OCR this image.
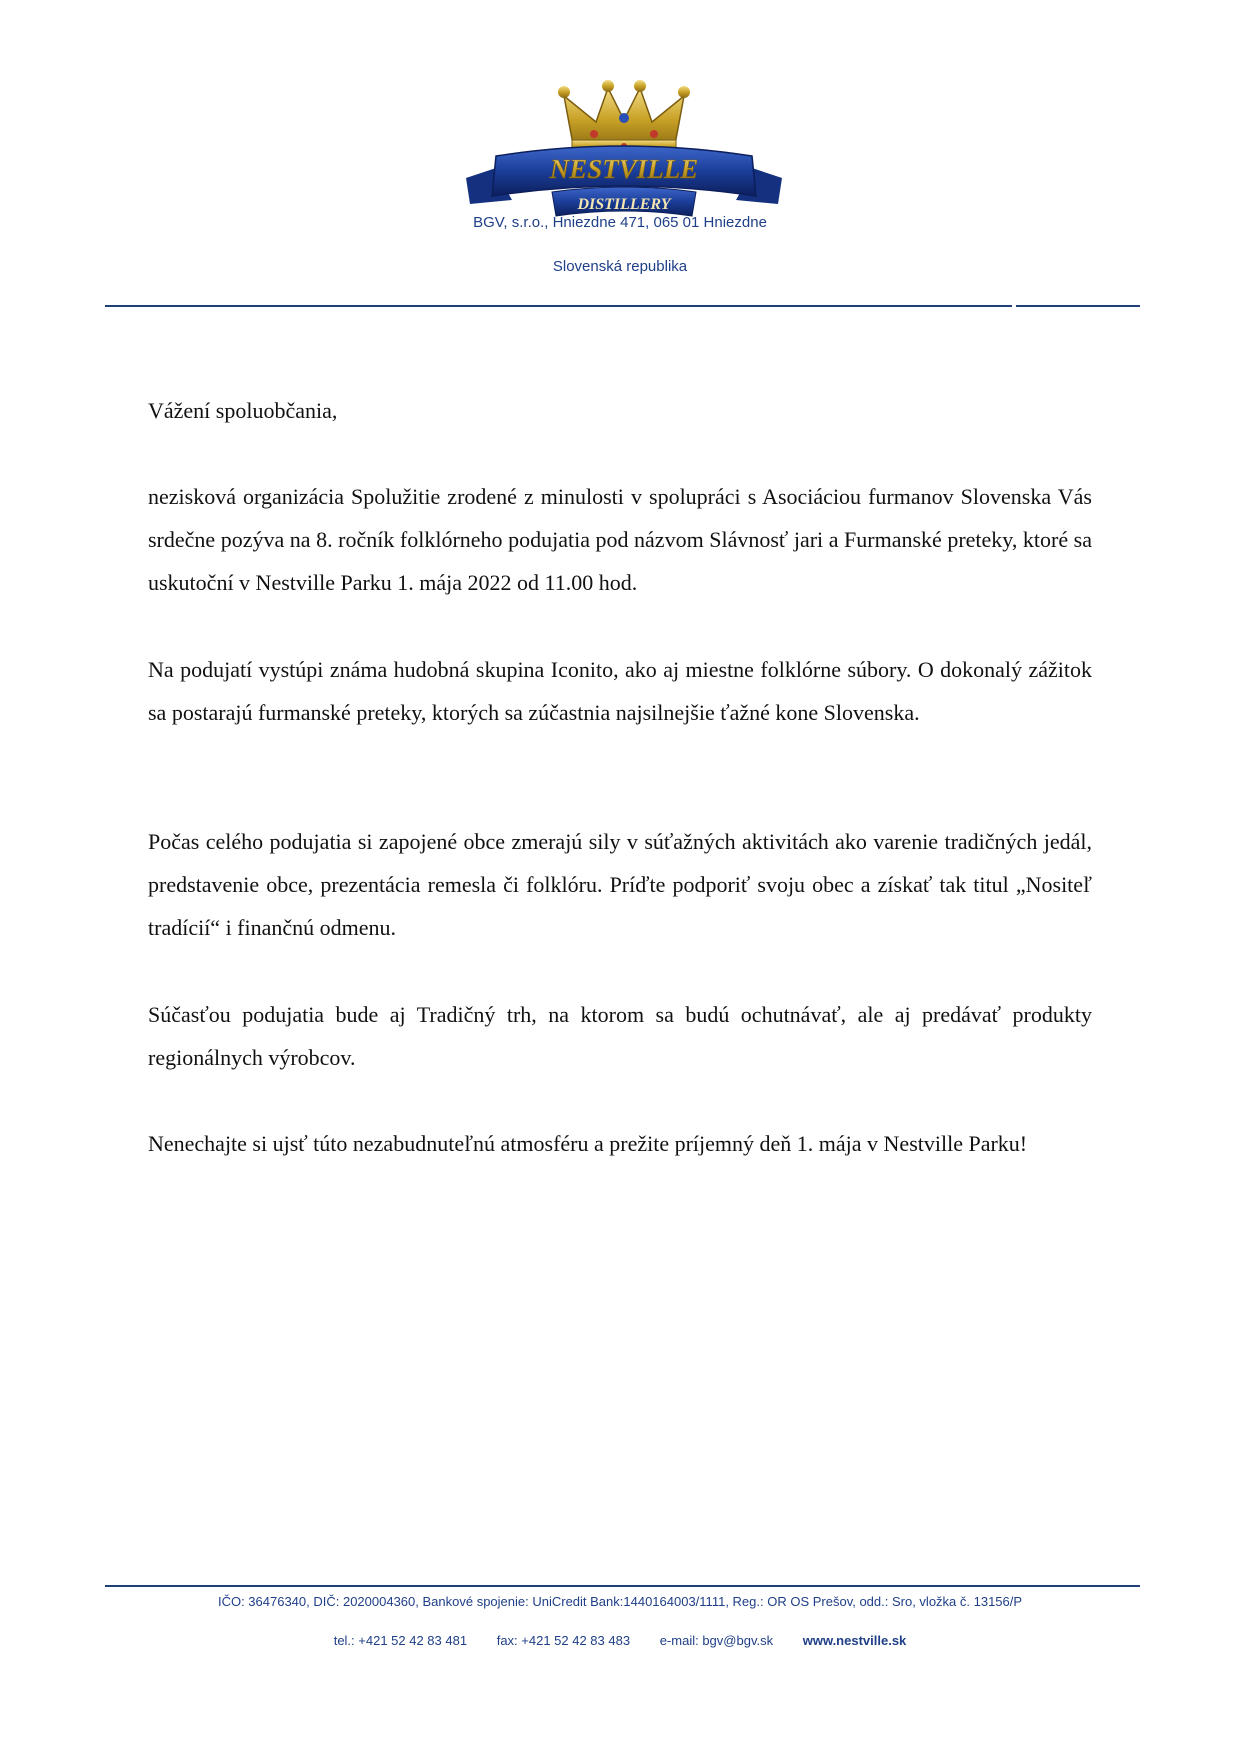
NESTVILLE
DISTILLERY
BGV, s.r.o., Hniezdne 471, 065 01 Hniezdne
Slovenská republika

Vážení spoluobčania,

nezisková organizácia Spolužitie zrodené z minulosti v spolupráci s Asociáciou furmanov Slovenska Vás srdečne pozýva na 8. ročník folklórneho podujatia pod názvom Slávnosť jari a Furmanské preteky, ktoré sa uskutoční v Nestville Parku 1. mája 2022 od 11.00 hod.

Na podujatí vystúpi známa hudobná skupina Iconito, ako aj miestne folklórne súbory. O dokonalý zážitok sa postarajú furmanské preteky, ktorých sa zúčastnia najsilnejšie ťažné kone Slovenska.

Počas celého podujatia si zapojené obce zmerajú sily v súťažných aktivitách ako varenie tradičných jedál, predstavenie obce, prezentácia remesla či folklóru. Príďte podporiť svoju obec a získať tak titul „Nositeľ tradícií“ i finančnú odmenu.

Súčasťou podujatia bude aj Tradičný trh, na ktorom sa budú ochutnávať, ale aj predávať produkty regionálnych výrobcov.

Nenechajte si ujsť túto nezabudnuteľnú atmosféru a prežite príjemný deň 1. mája v Nestville Parku!

IČO: 36476340, DIČ: 2020004360, Bankové spojenie: UniCredit Bank:1440164003/1111, Reg.: OR OS Prešov, odd.: Sro, vložka č. 13156/P
tel.: +421 52 42 83 481 fax: +421 52 42 83 483 e-mail: bgv@bgv.sk www.nestville.sk
